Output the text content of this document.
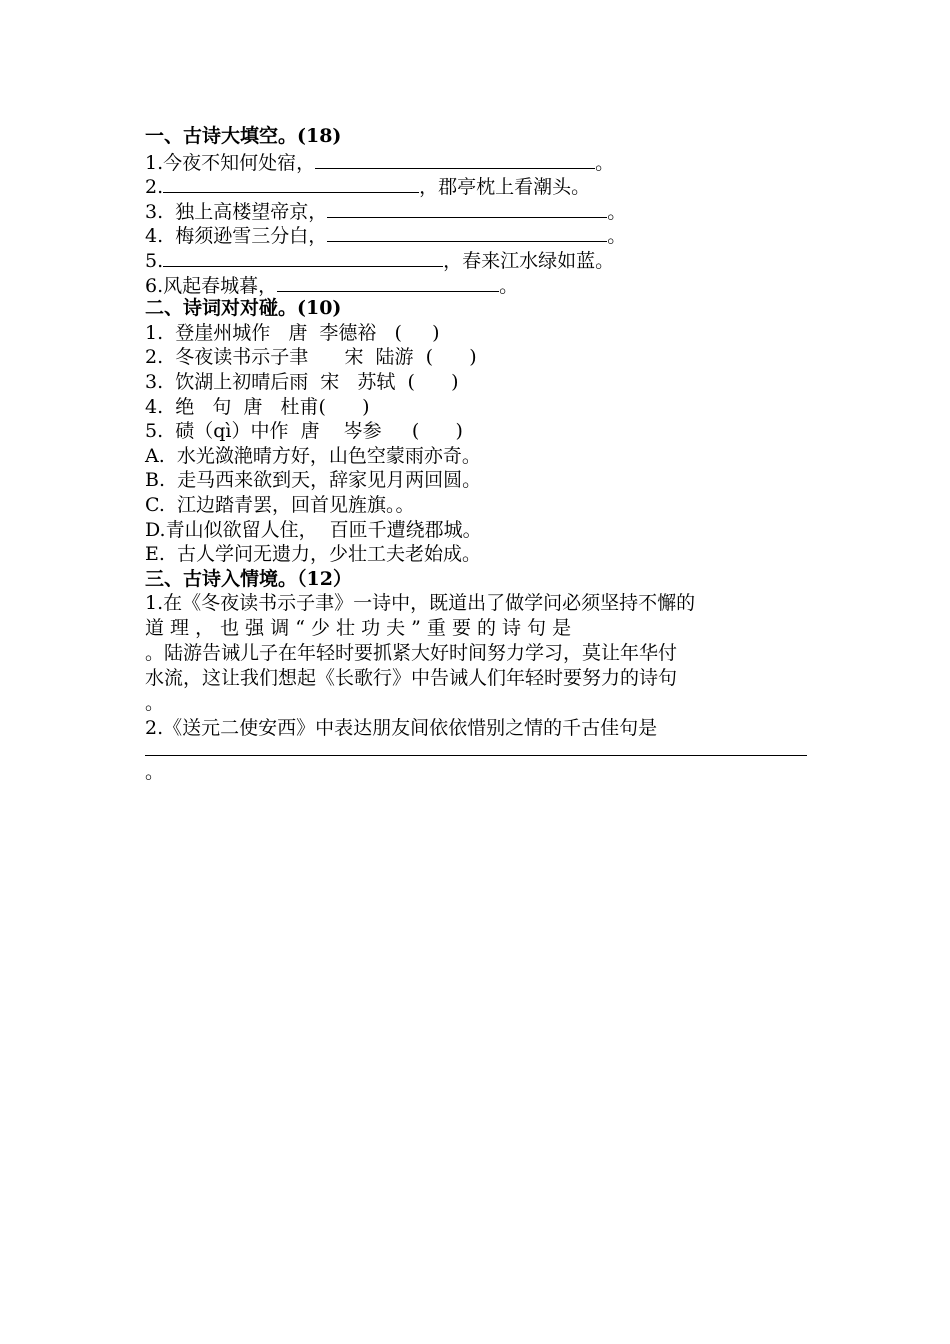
一、古诗大填空。(18)
1.今夜不知何处宿，	。
2.	，郡亭枕上看潮头。
3.  独上高楼望帝京，	。
4.  梅须逊雪三分白，	。
5.	，春来江水绿如蓝。
6.风起春城暮，	。
二、诗词对对碰。(10)
1.  登崖州城作   唐  李德裕   (     )
2.  冬夜读书示子聿      宋  陆游  (      )
3.  饮湖上初晴后雨  宋   苏轼  (      )
4.  绝   句  唐   杜甫(      )
5.  碛（qì）中作  唐    岑参     (      )
A.  水光潋滟晴方好，山色空蒙雨亦奇。
B.  走马西来欲到天，辞家见月两回圆。
C.  江边踏青罢，回首见旌旗。。
D.青山似欲留人住，  百匝千遭绕郡城。
E.  古人学问无遗力，少壮工夫老始成。
三、古诗入情境。（12）
1.在《冬夜读书示子聿》一诗中，既道出了做学问必须坚持不懈的
道 理 ， 也 强 调 “ 少 壮 功 夫 ” 重 要 的 诗 句 是
。陆游告诫儿子在年轻时要抓紧大好时间努力学习，莫让年华付
水流，这让我们想起《长歌行》中告诫人们年轻时要努力的诗句
。
2.《送元二使安西》中表达朋友间依依惜别之情的千古佳句是
。
